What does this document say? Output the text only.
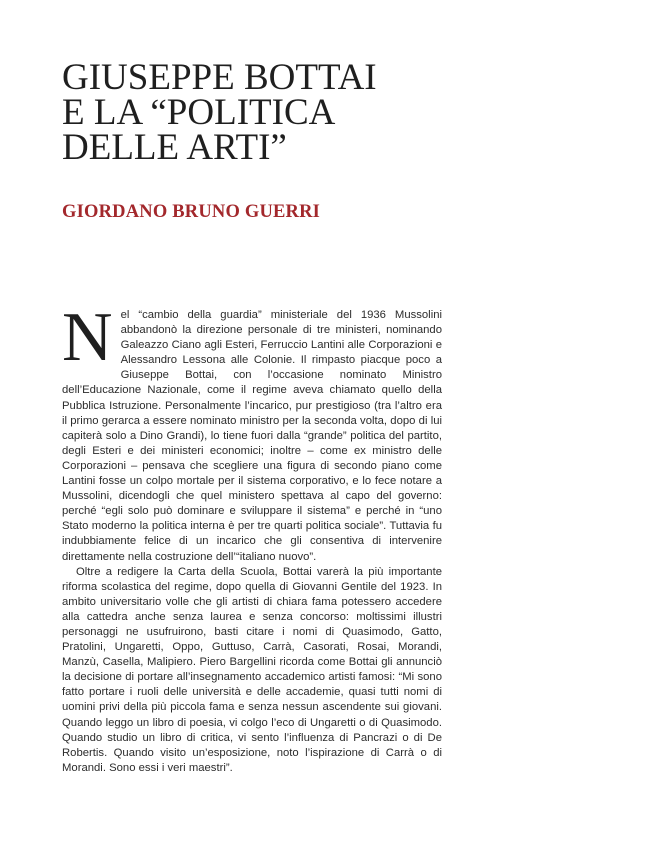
GIUSEPPE BOTTAI
E LA “POLITICA
DELLE ARTI”
GIORDANO BRUNO GUERRI

Nel “cambio della guardia” ministeriale del 1936 Mussolini abbandonò la direzione personale di tre ministeri, nominando Galeazzo Ciano agli Esteri, Ferruccio Lantini alle Corporazioni e Alessandro Lessona alle Colonie. Il rimpasto piacque poco a Giuseppe Bottai, con l’occasione nominato Ministro dell’Educazione Nazionale, come il regime aveva chiamato quello della Pubblica Istruzione. Personalmente l’incarico, pur prestigioso (tra l’altro era il primo gerarca a essere nominato ministro per la seconda volta, dopo di lui capiterà solo a Dino Grandi), lo tiene fuori dalla “grande” politica del partito, degli Esteri e dei ministeri economici; inoltre – come ex ministro delle Corporazioni – pensava che scegliere una figura di secondo piano come Lantini fosse un colpo mortale per il sistema corporativo, e lo fece notare a Mussolini, dicendogli che quel ministero spettava al capo del governo: perché “egli solo può dominare e sviluppare il sistema” e perché in “uno Stato moderno la politica interna è per tre quarti politica sociale”. Tuttavia fu indubbiamente felice di un incarico che gli consentiva di intervenire direttamente nella costruzione dell’“italiano nuovo”.

Oltre a redigere la Carta della Scuola, Bottai varerà la più importante riforma scolastica del regime, dopo quella di Giovanni Gentile del 1923. In ambito universitario volle che gli artisti di chiara fama potessero accedere alla cattedra anche senza laurea e senza concorso: moltissimi illustri personaggi ne usufruirono, basti citare i nomi di Quasimodo, Gatto, Pratolini, Ungaretti, Oppo, Guttuso, Carrà, Casorati, Rosai, Morandi, Manzù, Casella, Malipiero. Piero Bargellini ricorda come Bottai gli annunciò la decisione di portare all’insegnamento accademico artisti famosi: “Mi sono fatto portare i ruoli delle università e delle accademie, quasi tutti nomi di uomini privi della più piccola fama e senza nessun ascendente sui giovani. Quando leggo un libro di poesia, vi colgo l’eco di Ungaretti o di Quasimodo. Quando studio un libro di critica, vi sento l’influenza di Pancrazi o di De Robertis. Quando visito un’esposizione, noto l’ispirazione di Carrà o di Morandi. Sono essi i veri maestri”.
